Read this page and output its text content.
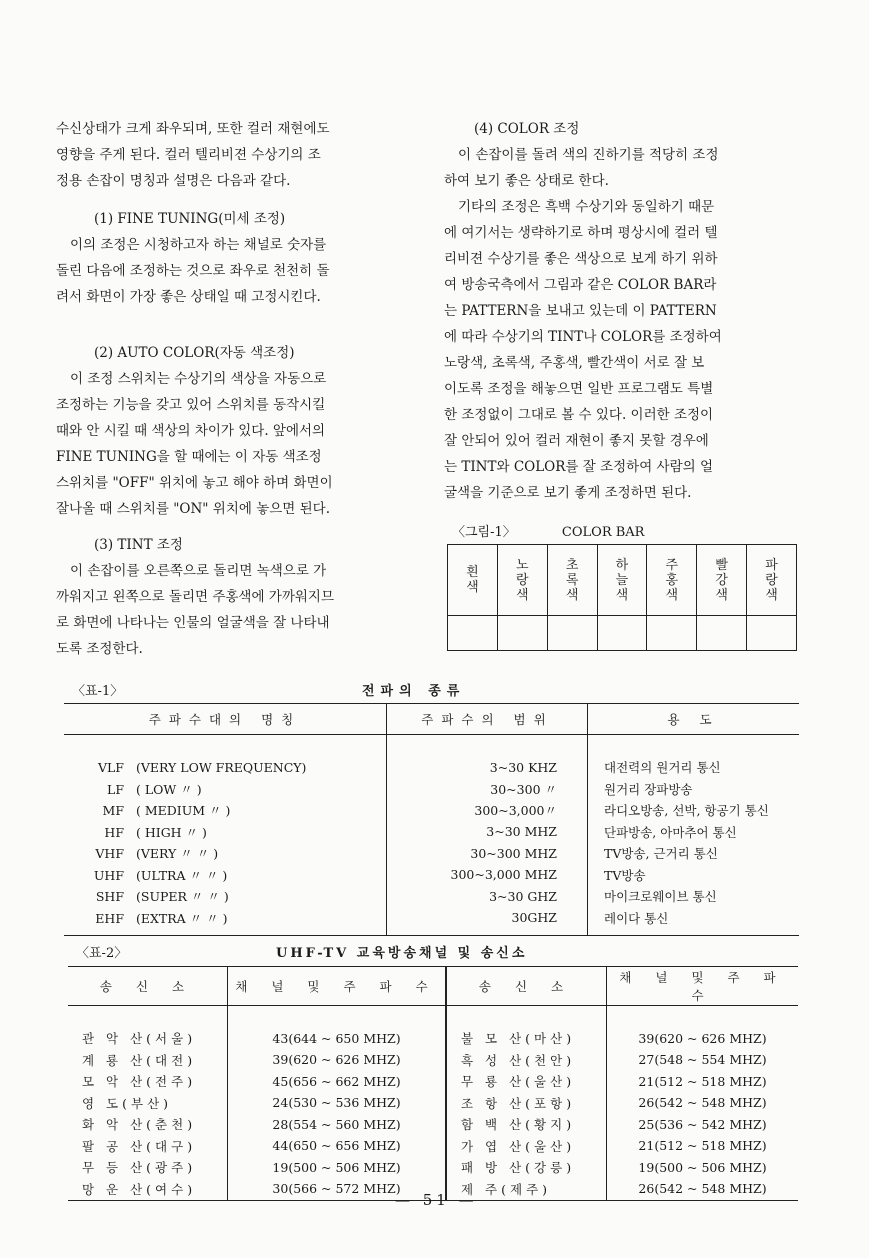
수신상태가 크게 좌우되며, 또한 컬러 재현에도

영향을 주게 된다. 컬러 텔리비젼 수상기의 조

정용 손잡이 명칭과 설명은 다음과 같다.

(1) FINE TUNING(미세 조정)

이의 조정은 시청하고자 하는 채널로 숫자를

돌린 다음에 조정하는 것으로 좌우로 천천히 돌

려서 화면이 가장 좋은 상태일 때 고정시킨다.

(2) AUTO COLOR(자동 색조정)

이 조정 스위치는 수상기의 색상을 자동으로

조정하는 기능을 갖고 있어 스위치를 동작시킬

때와 안 시킬 때 색상의 차이가 있다. 앞에서의

FINE TUNING을 할 때에는 이 자동 색조정

스위치를 "OFF" 위치에 놓고 해야 하며 화면이

잘나올 때 스위치를 "ON" 위치에 놓으면 된다.

(3) TINT 조정

이 손잡이를 오른쪽으로 돌리면 녹색으로 가

까워지고 왼쪽으로 돌리면 주홍색에 가까워지므

로 화면에 나타나는 인물의 얼굴색을 잘 나타내

도록 조정한다.

(4) COLOR 조정

이 손잡이를 돌려 색의 진하기를 적당히 조정

하여 보기 좋은 상태로 한다.

기타의 조정은 흑백 수상기와 동일하기 때문

에 여기서는 생략하기로 하며 평상시에 컬러 텔

리비젼 수상기를 좋은 색상으로 보게 하기 위하

여 방송국측에서 그림과 같은 COLOR BAR라

는 PATTERN을 보내고 있는데 이 PATTERN

에 따라 수상기의 TINT나 COLOR를 조정하여

노랑색, 초록색, 주홍색, 빨간색이 서로 잘 보

이도록 조정을 해놓으면 일반 프로그램도 특별

한 조정없이 그대로 볼 수 있다. 이러한 조정이

잘 안되어 있어 컬러 재현이 좋지 못할 경우에

는 TINT와 COLOR를 잘 조정하여 사람의 얼

굴색을 기준으로 보기 좋게 조정하면 된다.

〈그림-1〉	COLOR BAR
흰
색	노
랑
색	초
록
색	하
늘
색	주
홍
색	빨
강
색	파
랑
색

〈표-1〉	전파의 종류
주파수대의 명칭	주파수의 범위	용 도

VLF (VERY LOW FREQUENCY)	3~30 KHZ	대전력의 원거리 통신
LF ( LOW 〃 )	30~300 〃	원거리 장파방송
MF ( MEDIUM 〃 )	300~3,000〃	라디오방송, 선박, 항공기 통신
HF ( HIGH 〃 )	3~30 MHZ	단파방송, 아마추어 통신
VHF (VERY 〃 〃 )	30~300 MHZ	TV방송, 근거리 통신
UHF (ULTRA 〃 〃 )	300~3,000 MHZ	TV방송
SHF (SUPER 〃 〃 )	3~30 GHZ	마이크로웨이브 통신
EHF (EXTRA 〃 〃 )	30GHZ	레이다 통신
〈표-2〉	UHF-TV 교육방송채널 및 송신소
송 신 소	채 널 및 주 파 수	송 신 소	채 널 및 주 파 수

관 악 산(서울)	43(644 ~ 650 MHZ)	불 모 산(마산)	39(620 ~ 626 MHZ)
계 룡 산(대전)	39(620 ~ 626 MHZ)	흑 성 산(천안)	27(548 ~ 554 MHZ)
모 악 산(전주)	45(656 ~ 662 MHZ)	무 룡 산(울산)	21(512 ~ 518 MHZ)
영 도(부산)	24(530 ~ 536 MHZ)	조 항 산(포항)	26(542 ~ 548 MHZ)
화 악 산(춘천)	28(554 ~ 560 MHZ)	함 백 산(황지)	25(536 ~ 542 MHZ)
팔 공 산(대구)	44(650 ~ 656 MHZ)	가 엽 산(울산)	21(512 ~ 518 MHZ)
무 등 산(광주)	19(500 ~ 506 MHZ)	패 방 산(강릉)	19(500 ~ 506 MHZ)
망 운 산(여수)	30(566 ~ 572 MHZ)	제 주(제주)	26(542 ~ 548 MHZ)
— 51 —
